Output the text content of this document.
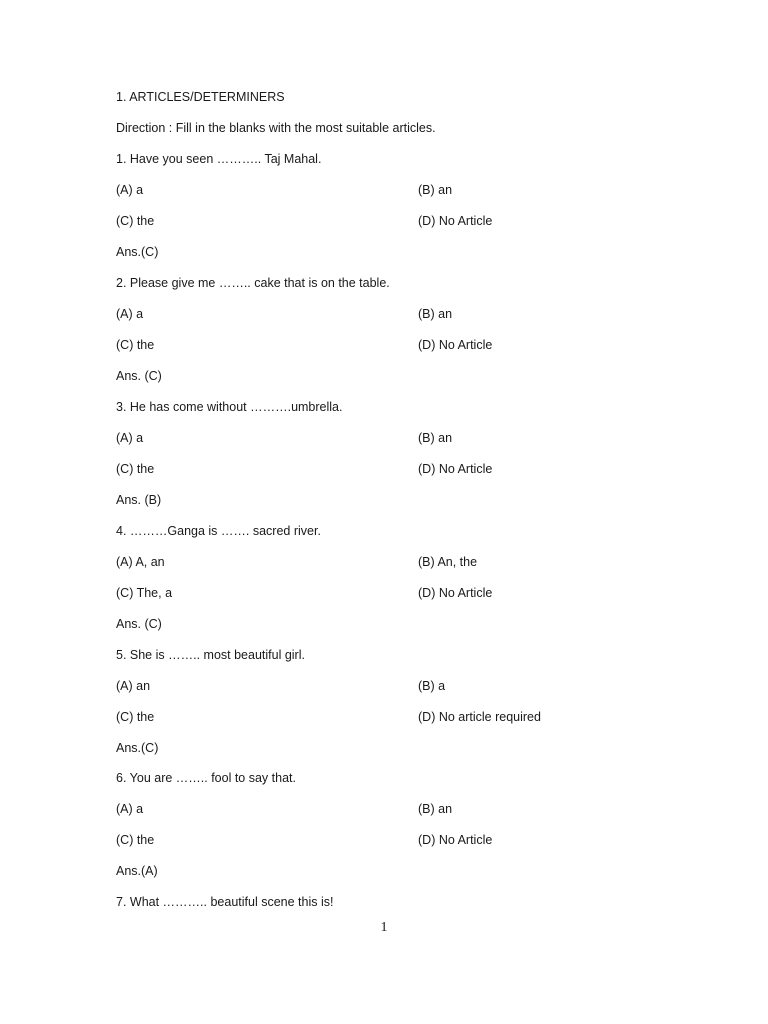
1. ARTICLES/DETERMINERS
Direction : Fill in the blanks with the most suitable articles.
1. Have you seen ……….. Taj Mahal.
(A) a	(B) an
(C) the	(D) No Article
Ans.(C)
2. Please give me …….. cake that is on the table.
(A) a	(B) an
(C) the	(D) No Article
Ans. (C)
3. He has come without ……….umbrella.
(A) a	(B) an
(C) the	(D) No Article
Ans. (B)
4. ………Ganga is ……. sacred river.
(A) A, an	(B) An, the
(C) The, a	(D) No Article
Ans. (C)
5. She is …….. most beautiful girl.
(A) an	(B) a
(C) the	(D) No article required
Ans.(C)
6. You are …….. fool to say that.
(A) a	(B) an
(C) the	(D) No Article
Ans.(A)
7. What ……….. beautiful scene this is!
1
